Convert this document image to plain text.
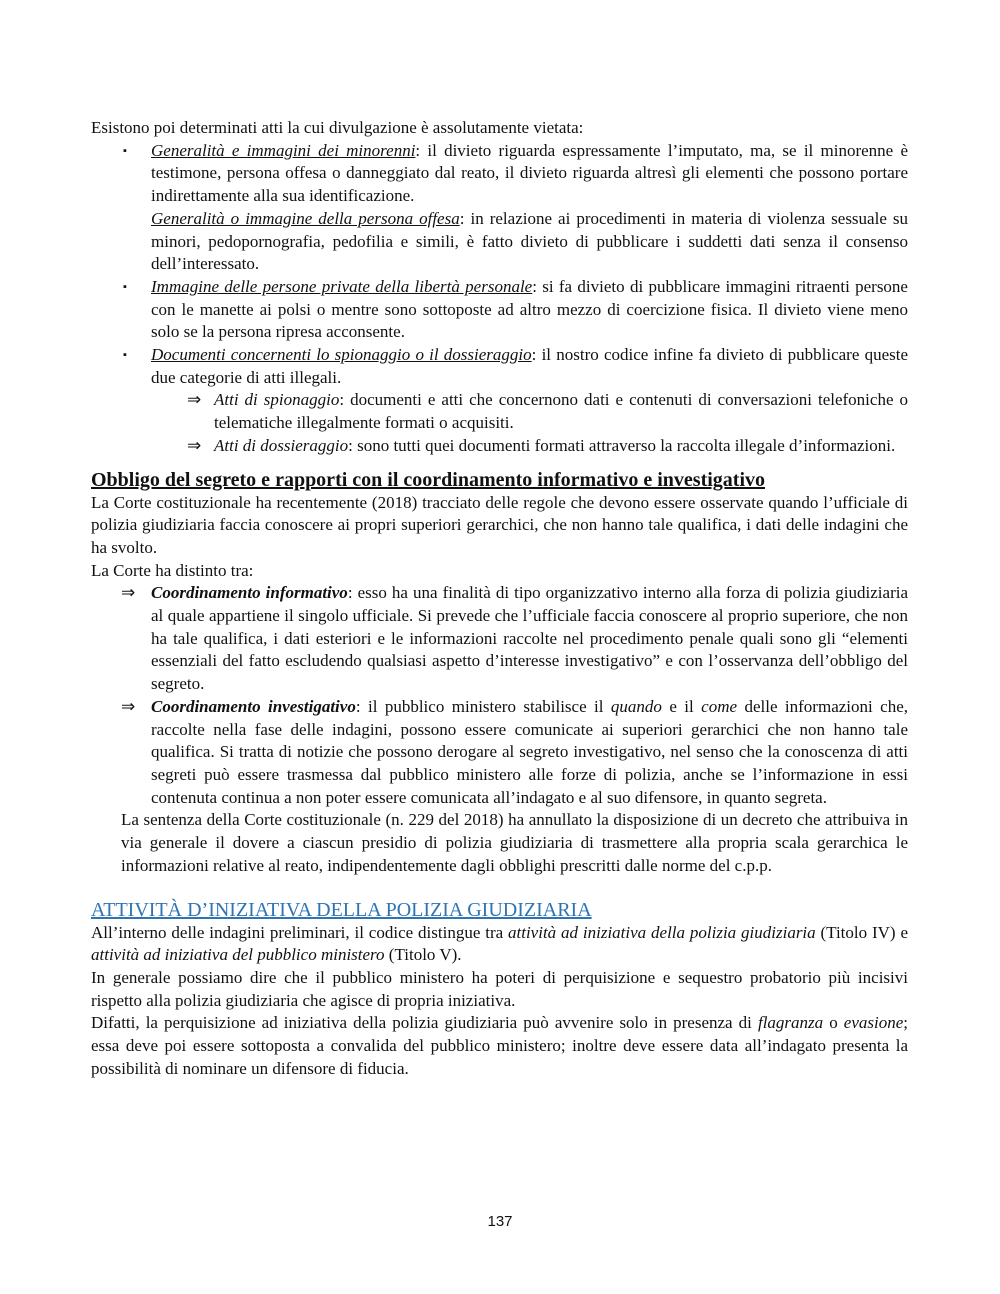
Esistono poi determinati atti la cui divulgazione è assolutamente vietata:

▪ Generalità e immagini dei minorenni: il divieto riguarda espressamente l’imputato, ma, se il minorenne è testimone, persona offesa o danneggiato dal reato, il divieto riguarda altresì gli elementi che possono portare indirettamente alla sua identificazione.
Generalità o immagine della persona offesa: in relazione ai procedimenti in materia di violenza sessuale su minori, pedopornografia, pedofilia e simili, è fatto divieto di pubblicare i suddetti dati senza il consenso dell’interessato.
▪ Immagine delle persone private della libertà personale: si fa divieto di pubblicare immagini ritraenti persone con le manette ai polsi o mentre sono sottoposte ad altro mezzo di coercizione fisica. Il divieto viene meno solo se la persona ripresa acconsente.
▪ Documenti concernenti lo spionaggio o il dossieraggio: il nostro codice infine fa divieto di pubblicare queste due categorie di atti illegali.
⇒ Atti di spionaggio: documenti e atti che concernono dati e contenuti di conversazioni telefoniche o telematiche illegalmente formati o acquisiti.
⇒ Atti di dossieraggio: sono tutti quei documenti formati attraverso la raccolta illegale d’informazioni.
Obbligo del segreto e rapporti con il coordinamento informativo e investigativo

La Corte costituzionale ha recentemente (2018) tracciato delle regole che devono essere osservate quando l’ufficiale di polizia giudiziaria faccia conoscere ai propri superiori gerarchici, che non hanno tale qualifica, i dati delle indagini che ha svolto.

La Corte ha distinto tra:

⇒ Coordinamento informativo: esso ha una finalità di tipo organizzativo interno alla forza di polizia giudiziaria al quale appartiene il singolo ufficiale. Si prevede che l’ufficiale faccia conoscere al proprio superiore, che non ha tale qualifica, i dati esteriori e le informazioni raccolte nel procedimento penale quali sono gli “elementi essenziali del fatto escludendo qualsiasi aspetto d’interesse investigativo” e con l’osservanza dell’obbligo del segreto.
⇒ Coordinamento investigativo: il pubblico ministero stabilisce il quando e il come delle informazioni che, raccolte nella fase delle indagini, possono essere comunicate ai superiori gerarchici che non hanno tale qualifica. Si tratta di notizie che possono derogare al segreto investigativo, nel senso che la conoscenza di atti segreti può essere trasmessa dal pubblico ministero alle forze di polizia, anche se l’informazione in essi contenuta continua a non poter essere comunicata all’indagato e al suo difensore, in quanto segreta.

La sentenza della Corte costituzionale (n. 229 del 2018) ha annullato la disposizione di un decreto che attribuiva in via generale il dovere a ciascun presidio di polizia giudiziaria di trasmettere alla propria scala gerarchica le informazioni relative al reato, indipendentemente dagli obblighi prescritti dalle norme del c.p.p.

ATTIVITÀ D’INIZIATIVA DELLA POLIZIA GIUDIZIARIA

All’interno delle indagini preliminari, il codice distingue tra attività ad iniziativa della polizia giudiziaria (Titolo IV) e attività ad iniziativa del pubblico ministero (Titolo V).

In generale possiamo dire che il pubblico ministero ha poteri di perquisizione e sequestro probatorio più incisivi rispetto alla polizia giudiziaria che agisce di propria iniziativa.

Difatti, la perquisizione ad iniziativa della polizia giudiziaria può avvenire solo in presenza di flagranza o evasione; essa deve poi essere sottoposta a convalida del pubblico ministero; inoltre deve essere data all’indagato presenta la possibilità di nominare un difensore di fiducia.

137
